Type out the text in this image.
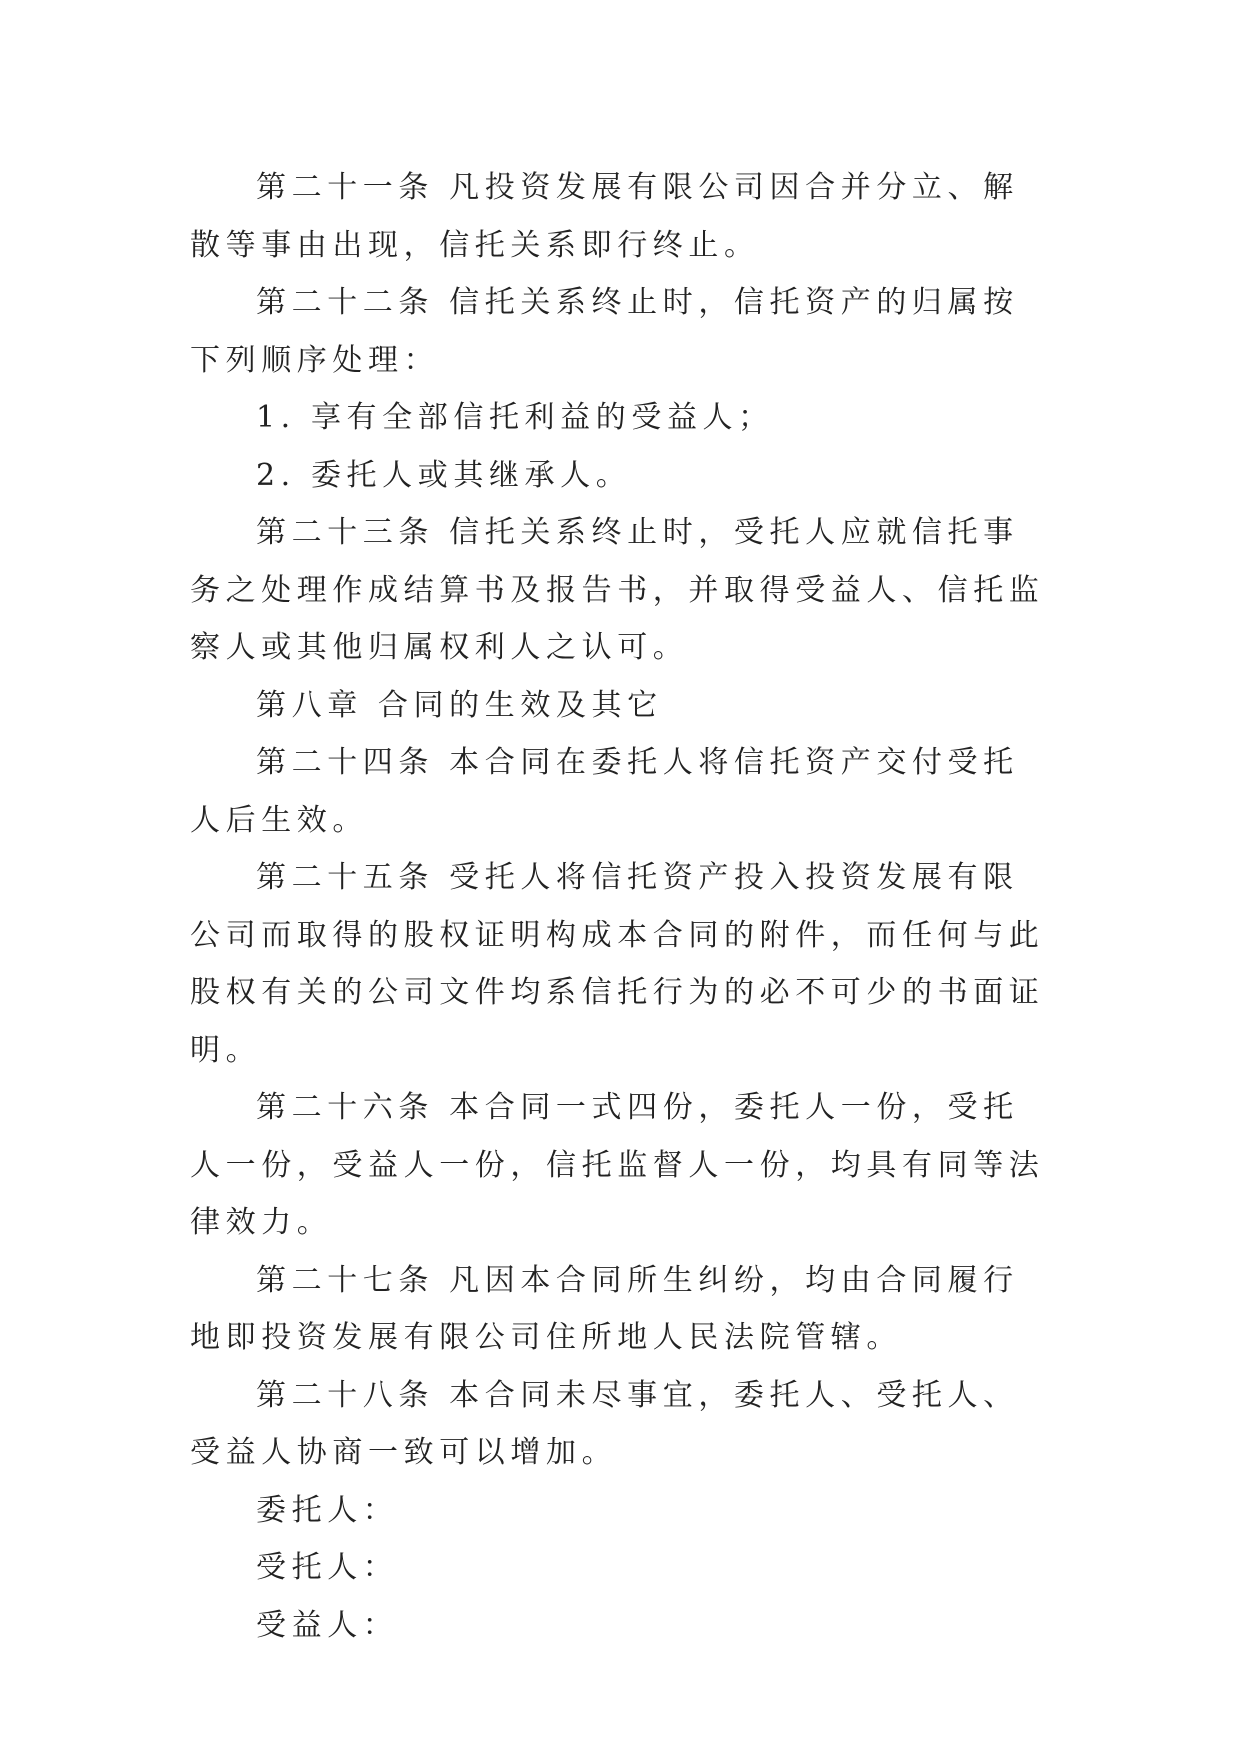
第二十一条 凡投资发展有限公司因合并分立、解散等事由出现，信托关系即行终止。

第二十二条 信托关系终止时，信托资产的归属按下列顺序处理：

1. 享有全部信托利益的受益人；

2. 委托人或其继承人。

第二十三条 信托关系终止时，受托人应就信托事务之处理作成结算书及报告书，并取得受益人、信托监察人或其他归属权利人之认可。

第八章 合同的生效及其它

第二十四条 本合同在委托人将信托资产交付受托人后生效。

第二十五条 受托人将信托资产投入投资发展有限公司而取得的股权证明构成本合同的附件，而任何与此股权有关的公司文件均系信托行为的必不可少的书面证明。

第二十六条 本合同一式四份，委托人一份，受托人一份，受益人一份，信托监督人一份，均具有同等法律效力。

第二十七条 凡因本合同所生纠纷，均由合同履行地即投资发展有限公司住所地人民法院管辖。

第二十八条 本合同未尽事宜，委托人、受托人、受益人协商一致可以增加。

委托人：

受托人：

受益人：
